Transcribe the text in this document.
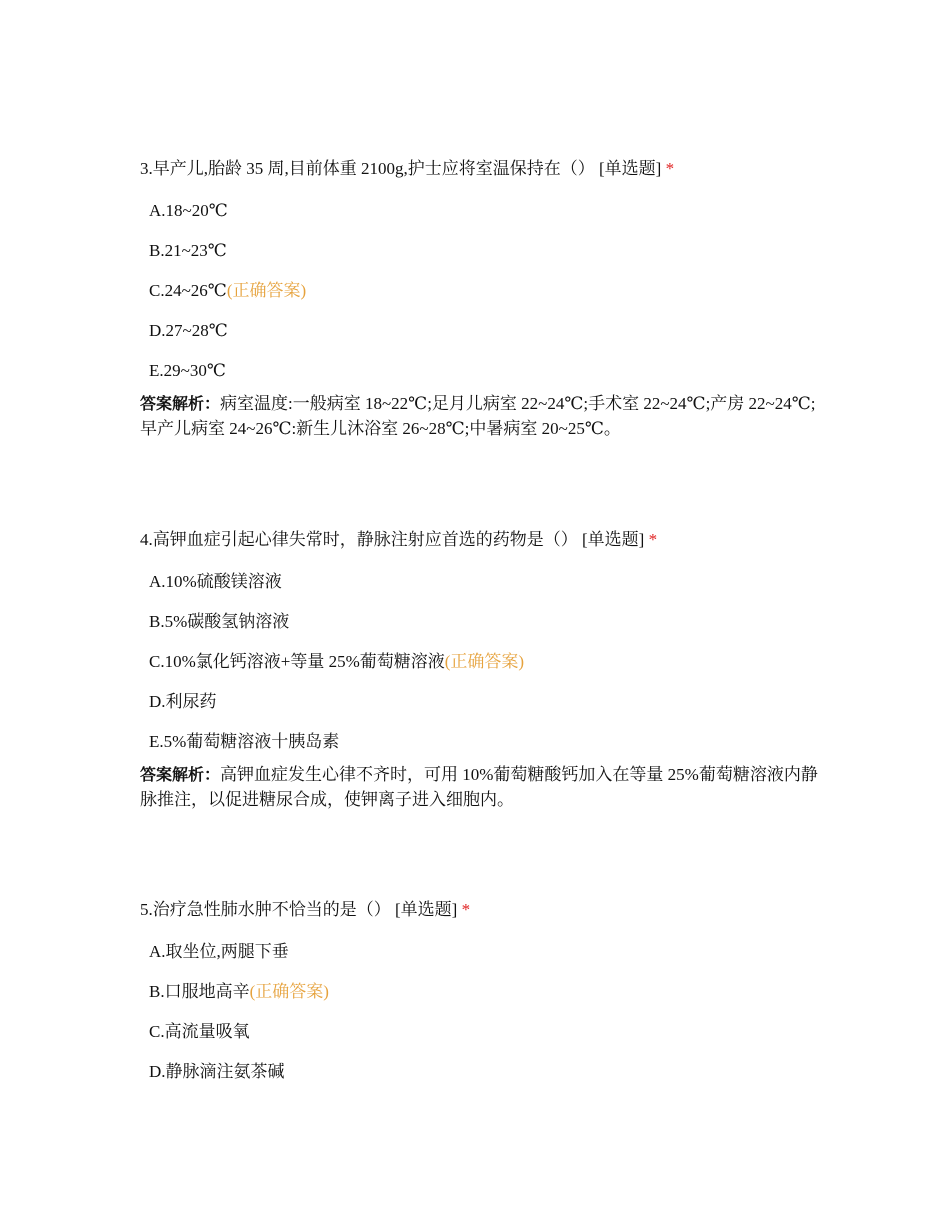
3.早产儿,胎龄 35 周,目前体重 2100g,护士应将室温保持在（） [单选题] *
A.18~20℃
B.21~23℃
C.24~26℃(正确答案)
D.27~28℃
E.29~30℃
答案解析：病室温度:一般病室 18~22℃;足月儿病室 22~24℃;手术室 22~24℃;产房 22~24℃;早产儿病室 24~26℃:新生儿沐浴室 26~28℃;中暑病室 20~25℃。
4.高钾血症引起心律失常时，静脉注射应首选的药物是（） [单选题] *
A.10%硫酸镁溶液
B.5%碳酸氢钠溶液
C.10%氯化钙溶液+等量 25%葡萄糖溶液(正确答案)
D.利尿药
E.5%葡萄糖溶液十胰岛素
答案解析：高钾血症发生心律不齐时，可用 10%葡萄糖酸钙加入在等量 25%葡萄糖溶液内静脉推注，以促进糖尿合成，使钾离子进入细胞内。
5.治疗急性肺水肿不恰当的是（） [单选题] *
A.取坐位,两腿下垂
B.口服地高辛(正确答案)
C.高流量吸氧
D.静脉滴注氨茶碱
